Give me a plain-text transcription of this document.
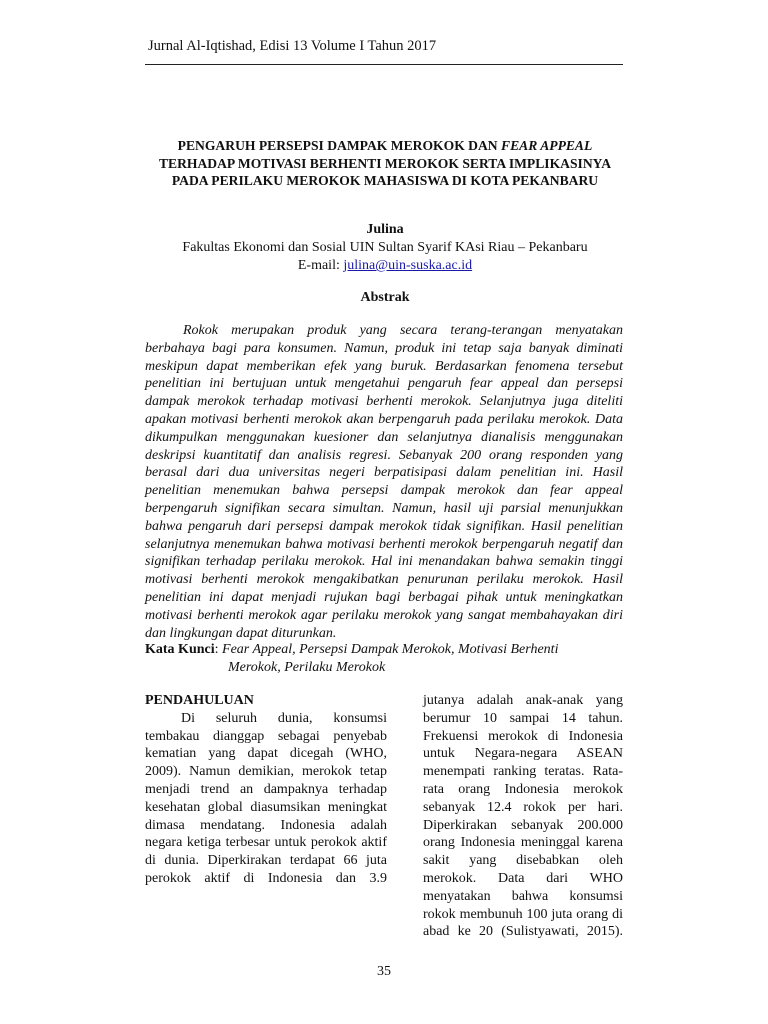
Jurnal Al-Iqtishad, Edisi 13 Volume I Tahun 2017
PENGARUH PERSEPSI DAMPAK MEROKOK DAN FEAR APPEAL TERHADAP MOTIVASI BERHENTI MEROKOK SERTA IMPLIKASINYA PADA PERILAKU MEROKOK MAHASISWA DI KOTA PEKANBARU
Julina
Fakultas Ekonomi dan Sosial UIN Sultan Syarif KAsi Riau – Pekanbaru
E-mail: julina@uin-suska.ac.id
Abstrak

Rokok merupakan produk yang secara terang-terangan menyatakan berbahaya bagi para konsumen. Namun, produk ini tetap saja banyak diminati meskipun dapat memberikan efek yang buruk. Berdasarkan fenomena tersebut penelitian ini bertujuan untuk mengetahui pengaruh fear appeal dan persepsi dampak merokok terhadap motivasi berhenti merokok. Selanjutnya juga diteliti apakan motivasi berhenti merokok akan berpengaruh pada perilaku merokok. Data dikumpulkan menggunakan kuesioner dan selanjutnya dianalisis menggunakan deskripsi kuantitatif dan analisis regresi. Sebanyak 200 orang responden yang berasal dari dua universitas negeri berpatisipasi dalam penelitian ini. Hasil penelitian menemukan bahwa persepsi dampak merokok dan fear appeal berpengaruh signifikan secara simultan. Namun, hasil uji parsial menunjukkan bahwa pengaruh dari persepsi dampak merokok tidak signifikan. Hasil penelitian selanjutnya menemukan bahwa motivasi berhenti merokok berpengaruh negatif dan signifikan terhadap perilaku merokok. Hal ini menandakan bahwa semakin tinggi motivasi berhenti merokok mengakibatkan penurunan perilaku merokok. Hasil penelitian ini dapat menjadi rujukan bagi berbagai pihak untuk meningkatkan motivasi berhenti merokok agar perilaku merokok yang sangat membahayakan diri dan lingkungan dapat diturunkan.

Kata Kunci: Fear Appeal, Persepsi Dampak Merokok, Motivasi Berhenti
Merokok, Perilaku Merokok
PENDAHULUAN

Di seluruh dunia, konsumsi tembakau dianggap sebagai penyebab kematian yang dapat dicegah (WHO, 2009). Namun demikian, merokok tetap menjadi trend an dampaknya terhadap kesehatan global diasumsikan meningkat dimasa mendatang. Indonesia adalah negara ketiga terbesar untuk perokok aktif di dunia. Diperkirakan terdapat 66 juta perokok aktif di Indonesia dan 3.9

jutanya adalah anak-anak yang berumur 10 sampai 14 tahun. Frekuensi merokok di Indonesia untuk Negara-negara ASEAN menempati ranking teratas. Rata-rata orang Indonesia merokok sebanyak 12.4 rokok per hari. Diperkirakan sebanyak 200.000 orang Indonesia meninggal karena sakit yang disebabkan oleh merokok. Data dari WHO menyatakan bahwa konsumsi rokok membunuh 100 juta orang di abad ke 20 (Sulistyawati, 2015).

35
